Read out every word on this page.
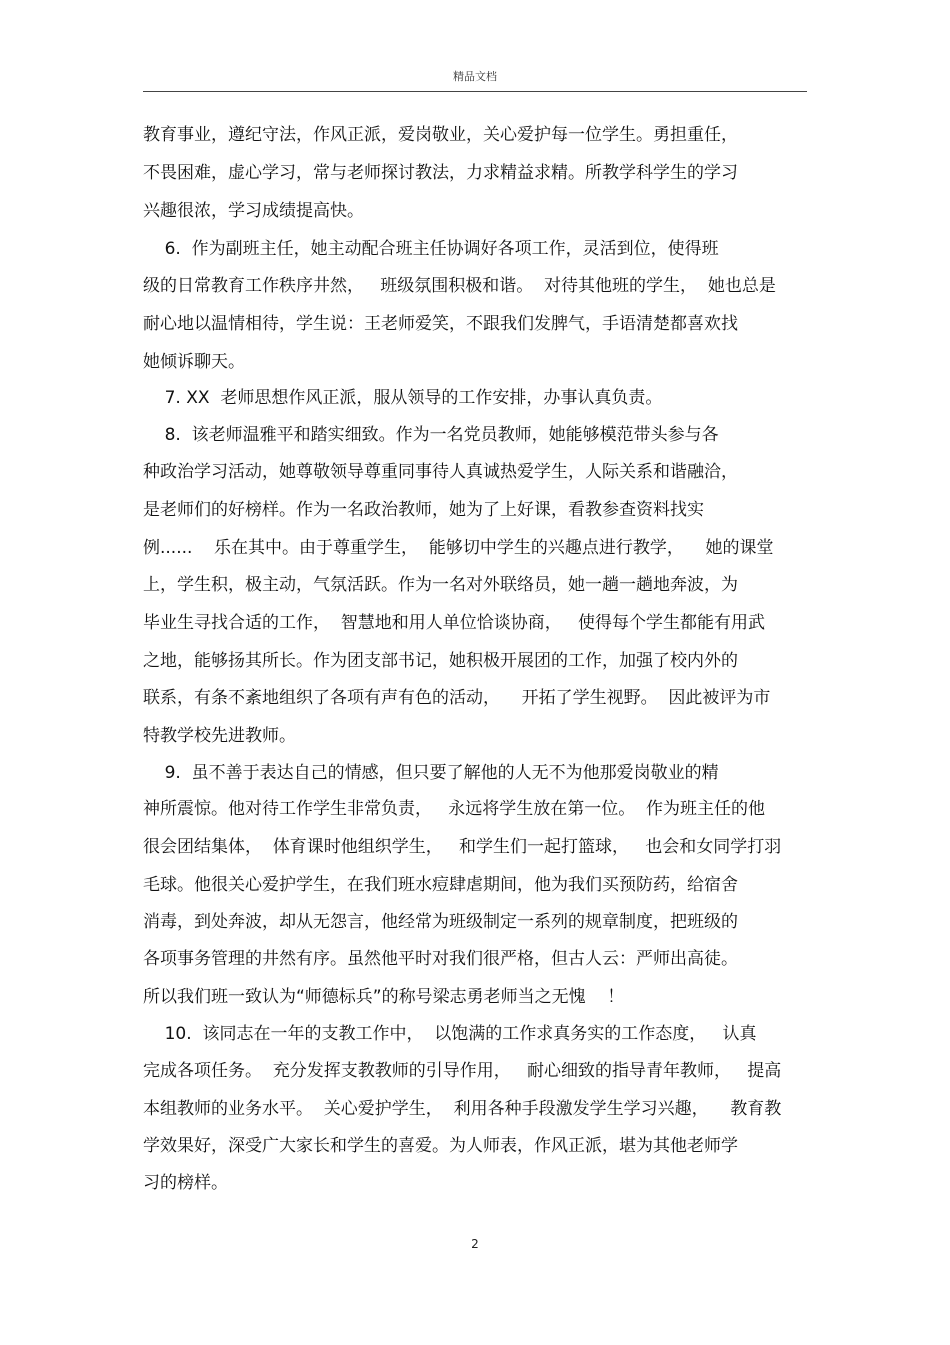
精品文档
教育事业，遵纪守法，作风正派，爱岗敬业，关心爱护每一位学生。勇担重任，
不畏困难，虚心学习，常与老师探讨教法，力求精益求精。所教学科学生的学习
兴趣很浓，学习成绩提高快。
6.  作为副班主任，她主动配合班主任协调好各项工作，灵活到位，使得班
级的日常教育工作秩序井然，   班级氛围积极和谐。  对待其他班的学生，  她也总是
耐心地以温情相待，学生说：王老师爱笑，不跟我们发脾气，手语清楚都喜欢找
她倾诉聊天。
7. XX  老师思想作风正派，服从领导的工作安排，办事认真负责。
8.  该老师温雅平和踏实细致。作为一名党员教师，她能够模范带头参与各
种政治学习活动，她尊敬领导尊重同事待人真诚热爱学生，人际关系和谐融洽，
是老师们的好榜样。作为一名政治教师，她为了上好课，看教参查资料找实
例......    乐在其中。由于尊重学生，  能够切中学生的兴趣点进行教学，    她的课堂
上，学生积，极主动，气氛活跃。作为一名对外联络员，她一趟一趟地奔波，为
毕业生寻找合适的工作，  智慧地和用人单位恰谈协商，   使得每个学生都能有用武
之地，能够扬其所长。作为团支部书记，她积极开展团的工作，加强了校内外的
联系，有条不紊地组织了各项有声有色的活动，    开拓了学生视野。  因此被评为市
特教学校先进教师。
9.  虽不善于表达自己的情感，但只要了解他的人无不为他那爱岗敬业的精
神所震惊。他对待工作学生非常负责，   永远将学生放在第一位。  作为班主任的他
很会团结集体，  体育课时他组织学生，   和学生们一起打篮球，   也会和女同学打羽
毛球。他很关心爱护学生，在我们班水痘肆虐期间，他为我们买预防药，给宿舍
消毒，到处奔波，却从无怨言，他经常为班级制定一系列的规章制度，把班级的
各项事务管理的井然有序。虽然他平时对我们很严格，但古人云：严师出高徒。
所以我们班一致认为“师德标兵”的称号梁志勇老师当之无愧    ！
10.  该同志在一年的支教工作中，  以饱满的工作求真务实的工作态度，   认真
完成各项任务。  充分发挥支教教师的引导作用，   耐心细致的指导青年教师，   提高
本组教师的业务水平。  关心爱护学生，  利用各种手段激发学生学习兴趣，    教育教
学效果好，深受广大家长和学生的喜爱。为人师表，作风正派，堪为其他老师学
习的榜样。
2
